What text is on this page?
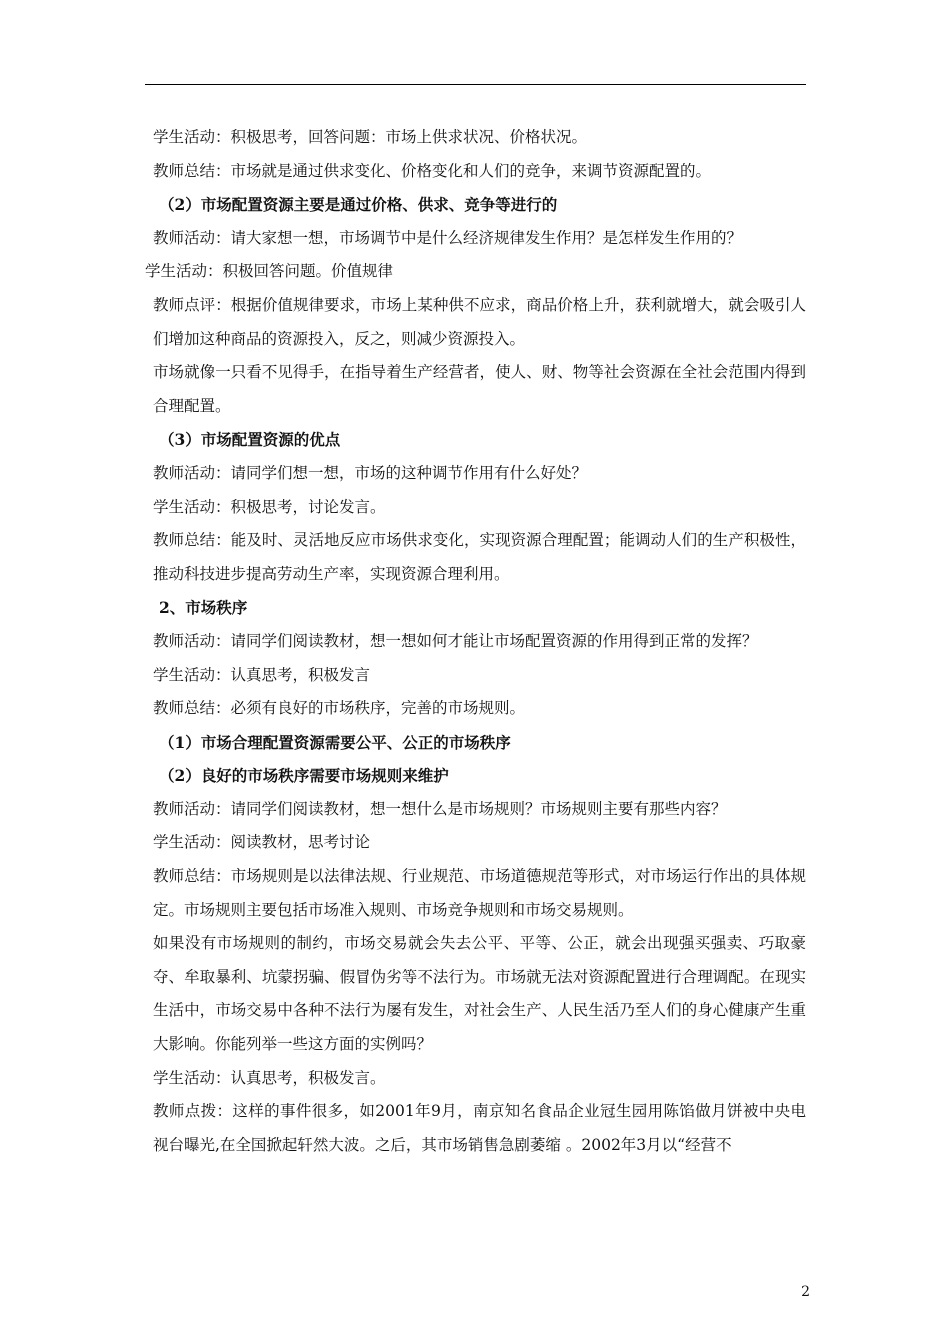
学生活动：积极思考，回答问题：市场上供求状况、价格状况。

教师总结：市场就是通过供求变化、价格变化和人们的竞争，来调节资源配置的。

（2）市场配置资源主要是通过价格、供求、竞争等进行的

教师活动：请大家想一想，市场调节中是什么经济规律发生作用？是怎样发生作用的？

学生活动：积极回答问题。价值规律

教师点评：根据价值规律要求，市场上某种供不应求，商品价格上升，获利就增大，就会吸引人们增加这种商品的资源投入，反之，则减少资源投入。

市场就像一只看不见得手，在指导着生产经营者，使人、财、物等社会资源在全社会范围内得到合理配置。

（3）市场配置资源的优点

教师活动：请同学们想一想，市场的这种调节作用有什么好处？

学生活动：积极思考，讨论发言。

教师总结：能及时、灵活地反应市场供求变化，实现资源合理配置；能调动人们的生产积极性，推动科技进步提高劳动生产率，实现资源合理利用。

2、市场秩序

教师活动：请同学们阅读教材，想一想如何才能让市场配置资源的作用得到正常的发挥？

学生活动：认真思考，积极发言

教师总结：必须有良好的市场秩序，完善的市场规则。

（1）市场合理配置资源需要公平、公正的市场秩序

（2）良好的市场秩序需要市场规则来维护

教师活动：请同学们阅读教材，想一想什么是市场规则？市场规则主要有那些内容？

学生活动：阅读教材，思考讨论

教师总结：市场规则是以法律法规、行业规范、市场道德规范等形式，对市场运行作出的具体规定。市场规则主要包括市场准入规则、市场竞争规则和市场交易规则。

如果没有市场规则的制约，市场交易就会失去公平、平等、公正，就会出现强买强卖、巧取豪夺、牟取暴利、坑蒙拐骗、假冒伪劣等不法行为。市场就无法对资源配置进行合理调配。在现实生活中，市场交易中各种不法行为屡有发生，对社会生产、人民生活乃至人们的身心健康产生重大影响。你能列举一些这方面的实例吗？

学生活动：认真思考，积极发言。

教师点拨：这样的事件很多，如2001年9月，南京知名食品企业冠生园用陈馅做月饼被中央电视台曝光,在全国掀起轩然大波。之后，其市场销售急剧萎缩 。2002年3月以“经营不

2
